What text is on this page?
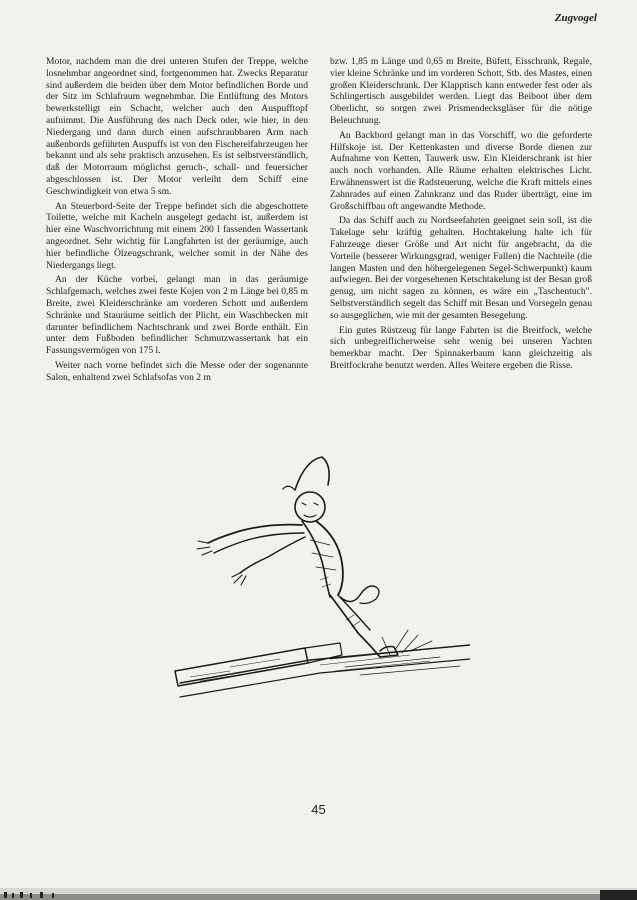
Zugvogel

Motor, nachdem man die drei unteren Stufen der Treppe, welche losnehmbar angeordnet sind, fortgenommen hat. Zwecks Reparatur sind außerdem die beiden über dem Motor befindlichen Borde und der Sitz im Schlafraum wegnehmbar. Die Entlüftung des Motors bewerkstelligt ein Schacht, welcher auch den Auspufftopf aufnimmt. Die Ausführung des nach Deck oder, wie hier, in den Niedergang und dann durch einen aufschraubbaren Arm nach außenbords geführten Auspuffs ist von den Fischereifahrzeugen her bekannt und als sehr praktisch anzusehen. Es ist selbstverständlich, daß der Motorraum möglichst geruch-, schall- und feuersicher abgeschlossen ist. Der Motor verleiht dem Schiff eine Geschwindigkeit von etwa 5 sm.

An Steuerbord-Seite der Treppe befindet sich die abgeschottete Toilette, welche mit Kacheln ausgelegt gedacht ist, außerdem ist hier eine Waschvorrichtung mit einem 200 l fassenden Wassertank angeordnet. Sehr wichtig für Langfahrten ist der geräumige, auch hier befindliche Ölzeugschrank, welcher somit in der Nähe des Niedergangs liegt.

An der Küche vorbei, gelangt man in das geräumige Schlafgemach, welches zwei feste Kojen von 2 m Länge bei 0,85 m Breite, zwei Kleiderschränke am vorderen Schott und außerdem Schränke und Stauräume seitlich der Plicht, ein Waschbecken mit darunter befindlichem Nachtschrank und zwei Borde enthält. Ein unter dem Fußboden befindlicher Schmutzwassertank hat ein Fassungsvermögen von 175 l.

Weiter nach vorne befindet sich die Messe oder der sogenannte Salon, enhaltend zwei Schlafsofas von 2 m

bzw. 1,85 m Länge und 0,65 m Breite, Büfett, Eisschrank, Regale, vier kleine Schränke und im vorderen Schott, Stb. des Mastes, einen großen Kleiderschrank. Der Klapptisch kann entweder fest oder als Schlingertisch ausgebildet werden. Liegt das Beiboot über dem Oberlicht, so sorgen zwei Prismendecksgläser für die nötige Beleuchtung.

An Backbord gelangt man in das Vorschiff, wo die geforderte Hilfskoje ist. Der Kettenkasten und diverse Borde dienen zur Aufnahme von Ketten, Tauwerk usw. Ein Kleiderschrank ist hier auch noch vorhanden. Alle Räume erhalten elektrisches Licht. Erwähnenswert ist die Radsteuerung, welche die Kraft mittels eines Zahnrades auf einen Zahnkranz und das Ruder überträgt, eine im Großschiffbau oft angewandte Methode.

Da das Schiff auch zu Nordseefahrten geeignet sein soll, ist die Takelage sehr kräftig gehalten. Hochtakelung halte ich für Fahrzeuge dieser Größe und Art nicht für angebracht, da die Vorteile (besserer Wirkungsgrad, weniger Fallen) die Nachteile (die langen Masten und den höhergelegenen Segel-Schwerpunkt) kaum aufwiegen. Bei der vorgesehenen Ketschtakelung ist der Besan groß genug, um nicht sagen zu können, es wäre ein „Taschentuch". Selbstverständlich segelt das Schiff mit Besan und Vorsegeln genau so ausgeglichen, wie mit der gesamten Besegelung.

Ein gutes Rüstzeug für lange Fahrten ist die Breitfock, welche sich unbegreiflicherweise sehr wenig bei unseren Yachten bemerkbar macht. Der Spinnakerbaum kann gleichzeitig als Breitfockrahe benutzt werden. Alles Weitere ergeben die Risse.

45
